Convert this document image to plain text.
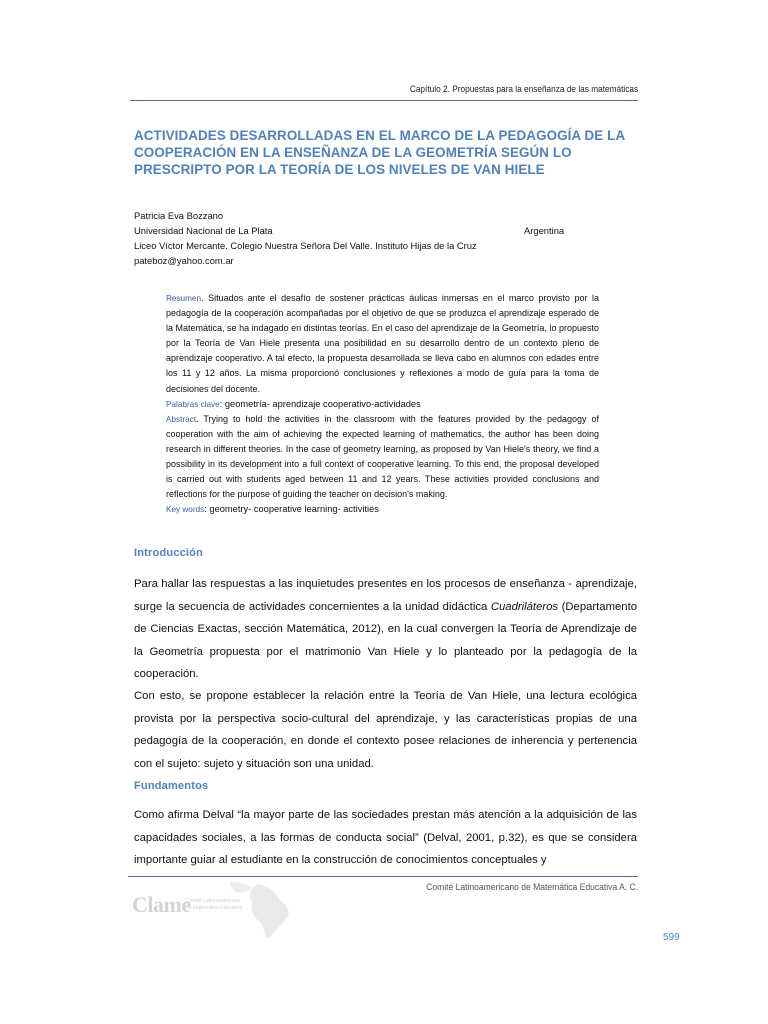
Capítulo 2. Propuestas para la enseñanza de las matemáticas
ACTIVIDADES DESARROLLADAS EN EL MARCO DE LA PEDAGOGÍA DE LA COOPERACIÓN EN LA ENSEÑANZA DE LA GEOMETRÍA SEGÚN LO PRESCRIPTO POR LA TEORÍA DE LOS NIVELES DE VAN HIELE
Patricia Eva Bozzano
Universidad Nacional de La Plata	Argentina
Liceo Víctor Mercante. Colegio Nuestra Señora Del Valle. Instituto Hijas de la Cruz
pateboz@yahoo.com.ar

Resumen. Situados ante el desafío de sostener prácticas áulicas inmersas en el marco provisto por la pedagogía de la cooperación acompañadas por el objetivo de que se produzca el aprendizaje esperado de la Matemática, se ha indagado en distintas teorías. En el caso del aprendizaje de la Geometría, lo propuesto por la Teoría de Van Hiele presenta una posibilidad en su desarrollo dentro de un contexto pleno de aprendizaje cooperativo. A tal efecto, la propuesta desarrollada se lleva cabo en alumnos con edades entre los 11 y 12 años. La misma proporcionó conclusiones y reflexiones a modo de guía para la toma de decisiones del docente.

Palabras clave: geometría- aprendizaje cooperativo-actividades

Abstract. Trying to hold the activities in the classroom with the features provided by the pedagogy of cooperation with the aim of achieving the expected learning of mathematics, the author has been doing research in different theories. In the case of geometry learning, as proposed by Van Hiele's theory, we find a possibility in its development into a full context of cooperative learning. To this end, the proposal developed is carried out with students aged between 11 and 12 years. These activities provided conclusions and reflections for the purpose of guiding the teacher on decision's making.

Key words: geometry- cooperative learning- activities

Introducción

Para hallar las respuestas a las inquietudes presentes en los procesos de enseñanza - aprendizaje, surge la secuencia de actividades concernientes a la unidad didáctica Cuadriláteros (Departamento de Ciencias Exactas, sección Matemática, 2012), en la cual convergen la Teoría de Aprendizaje de la Geometría propuesta por el matrimonio Van Hiele y lo planteado por la pedagogía de la cooperación.

Con esto, se propone establecer la relación entre la Teoría de Van Hiele, una lectura ecológica provista por la perspectiva socio-cultural del aprendizaje, y las características propias de una pedagogía de la cooperación, en donde el contexto posee relaciones de inherencia y pertenencia con el sujeto: sujeto y situación son una unidad.

Fundamentos

Como afirma Delval “la mayor parte de las sociedades prestan más atención a la adquisición de las capacidades sociales, a las formas de conducta social” (Delval, 2001, p.32), es que se considera importante guiar al estudiante en la construcción de conocimientos conceptuales y

Comité Latinoamericano de Matemática Educativa A. C.
Clame
Comité Latinoamericano
de Matemática Educativa
599
